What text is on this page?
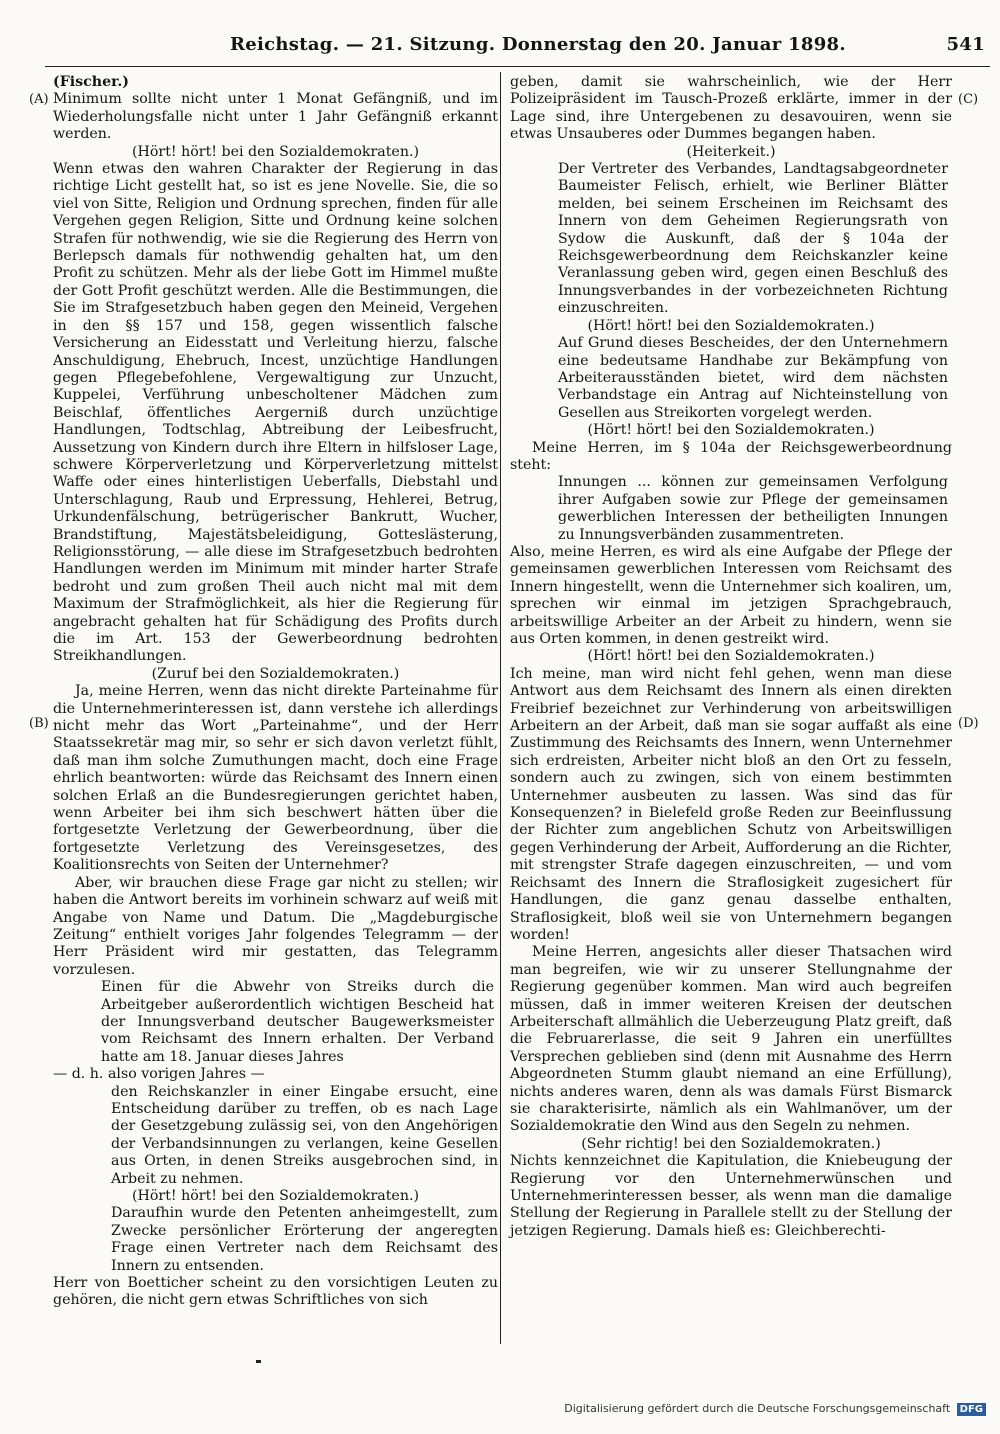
Reichstag. — 21. Sitzung. Donnerstag den 20. Januar 1898.	541
(A)
(B)
(C)
(D)

(Fischer.)

Minimum sollte nicht unter 1 Monat Gefängniß, und im Wiederholungsfalle nicht unter 1 Jahr Gefängniß erkannt werden.

(Hört! hört! bei den Sozialdemokraten.)

Wenn etwas den wahren Charakter der Regierung in das richtige Licht gestellt hat, so ist es jene Novelle. Sie, die so viel von Sitte, Religion und Ordnung sprechen, finden für alle Vergehen gegen Religion, Sitte und Ordnung keine solchen Strafen für nothwendig, wie sie die Regierung des Herrn von Berlepsch damals für nothwendig gehalten hat, um den Profit zu schützen. Mehr als der liebe Gott im Himmel mußte der Gott Profit geschützt werden. Alle die Bestimmungen, die Sie im Strafgesetzbuch haben gegen den Meineid, Vergehen in den §§ 157 und 158, gegen wissentlich falsche Versicherung an Eidesstatt und Verleitung hierzu, falsche Anschuldigung, Ehebruch, Incest, unzüchtige Handlungen gegen Pflegebefohlene, Vergewaltigung zur Unzucht, Kuppelei, Verführung unbescholtener Mädchen zum Beischlaf, öffentliches Aergerniß durch unzüchtige Handlungen, Todtschlag, Abtreibung der Leibesfrucht, Aussetzung von Kindern durch ihre Eltern in hilfsloser Lage, schwere Körperverletzung und Körperverletzung mittelst Waffe oder eines hinterlistigen Ueberfalls, Diebstahl und Unterschlagung, Raub und Erpressung, Hehlerei, Betrug, Urkundenfälschung, betrügerischer Bankrutt, Wucher, Brandstiftung, Majestätsbeleidigung, Gotteslästerung, Religionsstörung, — alle diese im Strafgesetzbuch bedrohten Handlungen werden im Minimum mit minder harter Strafe bedroht und zum großen Theil auch nicht mal mit dem Maximum der Strafmöglichkeit, als hier die Regierung für angebracht gehalten hat für Schädigung des Profits durch die im Art. 153 der Gewerbeordnung bedrohten Streikhandlungen.

(Zuruf bei den Sozialdemokraten.)

Ja, meine Herren, wenn das nicht direkte Parteinahme für die Unternehmerinteressen ist, dann verstehe ich allerdings nicht mehr das Wort „Parteinahme“, und der Herr Staatssekretär mag mir, so sehr er sich davon verletzt fühlt, daß man ihm solche Zumuthungen macht, doch eine Frage ehrlich beantworten: würde das Reichsamt des Innern einen solchen Erlaß an die Bundesregierungen gerichtet haben, wenn Arbeiter bei ihm sich beschwert hätten über die fortgesetzte Verletzung der Gewerbeordnung, über die fortgesetzte Verletzung des Vereinsgesetzes, des Koalitionsrechts von Seiten der Unternehmer?

Aber, wir brauchen diese Frage gar nicht zu stellen; wir haben die Antwort bereits im vorhinein schwarz auf weiß mit Angabe von Name und Datum. Die „Magdeburgische Zeitung“ enthielt voriges Jahr folgendes Telegramm — der Herr Präsident wird mir gestatten, das Telegramm vorzulesen.

Einen für die Abwehr von Streiks durch die Arbeitgeber außerordentlich wichtigen Bescheid hat der Innungsverband deutscher Baugewerksmeister vom Reichsamt des Innern erhalten. Der Verband hatte am 18. Januar dieses Jahres

— d. h. also vorigen Jahres —

den Reichskanzler in einer Eingabe ersucht, eine Entscheidung darüber zu treffen, ob es nach Lage der Gesetzgebung zulässig sei, von den Angehörigen der Verbandsinnungen zu verlangen, keine Gesellen aus Orten, in denen Streiks ausgebrochen sind, in Arbeit zu nehmen.

(Hört! hört! bei den Sozialdemokraten.)

Daraufhin wurde den Petenten anheimgestellt, zum Zwecke persönlicher Erörterung der angeregten Frage einen Vertreter nach dem Reichsamt des Innern zu entsenden.

Herr von Boetticher scheint zu den vorsichtigen Leuten zu gehören, die nicht gern etwas Schriftliches von sich

geben, damit sie wahrscheinlich, wie der Herr Polizeipräsident im Tausch-Prozeß erklärte, immer in der Lage sind, ihre Untergebenen zu desavouiren, wenn sie etwas Unsauberes oder Dummes begangen haben.

(Heiterkeit.)

Der Vertreter des Verbandes, Landtagsabgeordneter Baumeister Felisch, erhielt, wie Berliner Blätter melden, bei seinem Erscheinen im Reichsamt des Innern von dem Geheimen Regierungsrath von Sydow die Auskunft, daß der § 104a der Reichsgewerbeordnung dem Reichskanzler keine Veranlassung geben wird, gegen einen Beschluß des Innungsverbandes in der vorbezeichneten Richtung einzuschreiten.

(Hört! hört! bei den Sozialdemokraten.)

Auf Grund dieses Bescheides, der den Unternehmern eine bedeutsame Handhabe zur Bekämpfung von Arbeiterausständen bietet, wird dem nächsten Verbandstage ein Antrag auf Nichteinstellung von Gesellen aus Streikorten vorgelegt werden.

(Hört! hört! bei den Sozialdemokraten.)

Meine Herren, im § 104a der Reichsgewerbeordnung steht:

Innungen ... können zur gemeinsamen Verfolgung ihrer Aufgaben sowie zur Pflege der gemeinsamen gewerblichen Interessen der betheiligten Innungen zu Innungsverbänden zusammentreten.

Also, meine Herren, es wird als eine Aufgabe der Pflege der gemeinsamen gewerblichen Interessen vom Reichsamt des Innern hingestellt, wenn die Unternehmer sich koaliren, um, sprechen wir einmal im jetzigen Sprachgebrauch, arbeitswillige Arbeiter an der Arbeit zu hindern, wenn sie aus Orten kommen, in denen gestreikt wird.

(Hört! hört! bei den Sozialdemokraten.)

Ich meine, man wird nicht fehl gehen, wenn man diese Antwort aus dem Reichsamt des Innern als einen direkten Freibrief bezeichnet zur Verhinderung von arbeitswilligen Arbeitern an der Arbeit, daß man sie sogar auffaßt als eine Zustimmung des Reichsamts des Innern, wenn Unternehmer sich erdreisten, Arbeiter nicht bloß an den Ort zu fesseln, sondern auch zu zwingen, sich von einem bestimmten Unternehmer ausbeuten zu lassen. Was sind das für Konsequenzen? in Bielefeld große Reden zur Beeinflussung der Richter zum angeblichen Schutz von Arbeitswilligen gegen Verhinderung der Arbeit, Aufforderung an die Richter, mit strengster Strafe dagegen einzuschreiten, — und vom Reichsamt des Innern die Straflosigkeit zugesichert für Handlungen, die ganz genau dasselbe enthalten, Straflosigkeit, bloß weil sie von Unternehmern begangen worden!

Meine Herren, angesichts aller dieser Thatsachen wird man begreifen, wie wir zu unserer Stellungnahme der Regierung gegenüber kommen. Man wird auch begreifen müssen, daß in immer weiteren Kreisen der deutschen Arbeiterschaft allmählich die Ueberzeugung Platz greift, daß die Februarerlasse, die seit 9 Jahren ein unerfülltes Versprechen geblieben sind (denn mit Ausnahme des Herrn Abgeordneten Stumm glaubt niemand an eine Erfüllung), nichts anderes waren, denn als was damals Fürst Bismarck sie charakterisirte, nämlich als ein Wahlmanöver, um der Sozialdemokratie den Wind aus den Segeln zu nehmen.

(Sehr richtig! bei den Sozialdemokraten.)

Nichts kennzeichnet die Kapitulation, die Kniebeugung der Regierung vor den Unternehmerwünschen und Unternehmerinteressen besser, als wenn man die damalige Stellung der Regierung in Parallele stellt zu der Stellung der jetzigen Regierung. Damals hieß es: Gleichberechti-

Digitalisierung gefördert durch die Deutsche Forschungsgemeinschaft DFG
